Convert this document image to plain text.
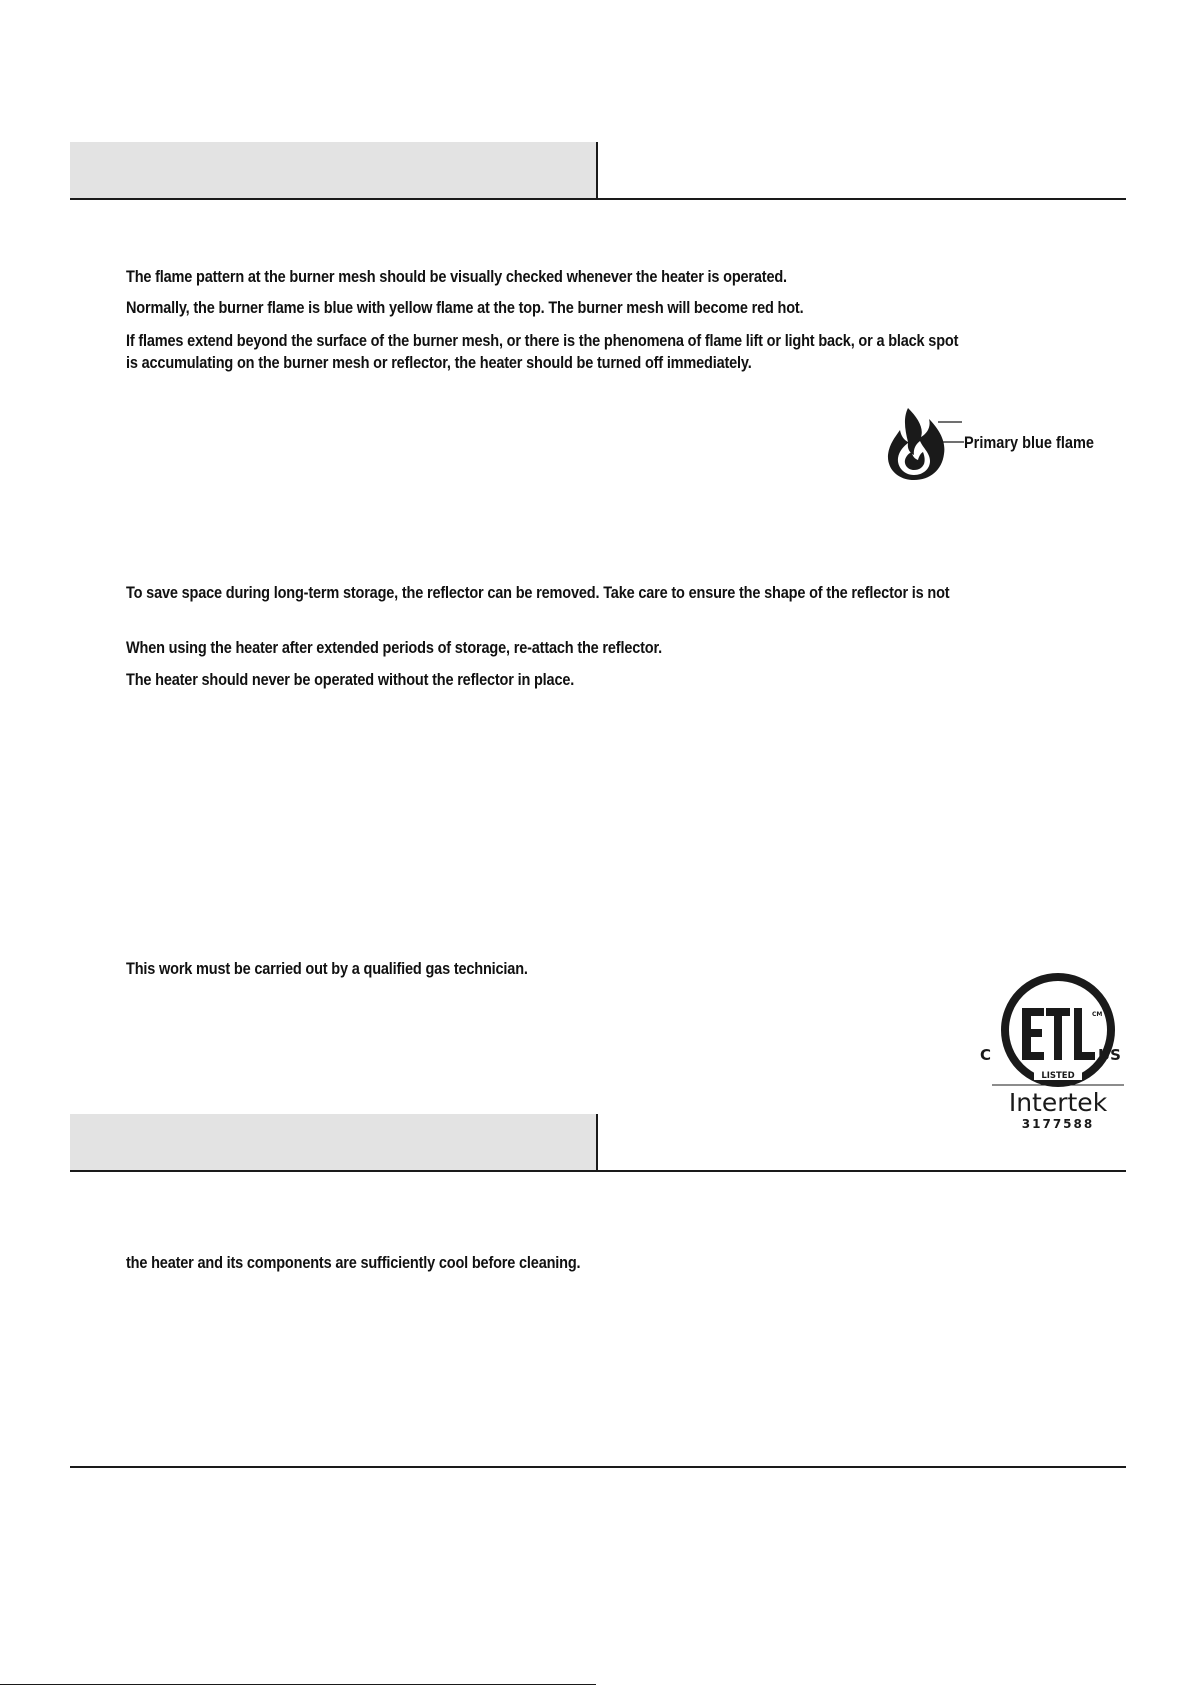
The flame pattern at the burner mesh should be visually checked whenever the heater is operated.

Normally, the burner flame is blue with yellow flame at the top. The burner mesh will become red hot.

If flames extend beyond the surface of the burner mesh, or there is the phenomena of flame lift or light back, or a black spot is accumulating on the burner mesh or reflector, the heater should be turned off immediately.

Primary blue flame

To save space during long-term storage, the reflector can be removed. Take care to ensure the shape of the reflector is not

When using the heater after extended periods of storage, re-attach the reflector.

The heater should never be operated without the reflector in place.

This work must be carried out by a qualified gas technician.

CM
C	US
LISTED
Intertek
3177588

the heater and its components are sufficiently cool before cleaning.
